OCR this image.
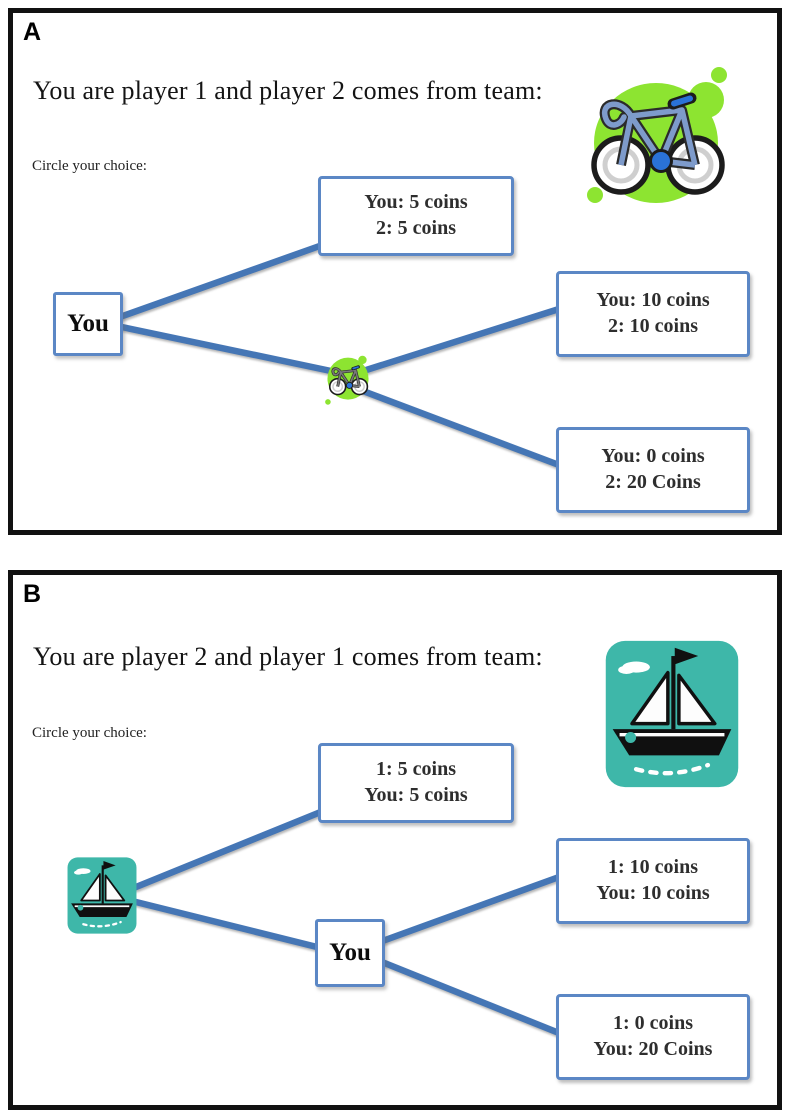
A
You are player 1 and player 2 comes from team:
Circle your choice:
You
You: 5 coins
2: 5 coins
You: 10 coins
2: 10 coins
You: 0 coins
2: 20 Coins
B
You are player 2 and player 1 comes from team:
Circle your choice:
You
1: 5 coins
You: 5 coins
1: 10 coins
You: 10 coins
1: 0 coins
You: 20 Coins
